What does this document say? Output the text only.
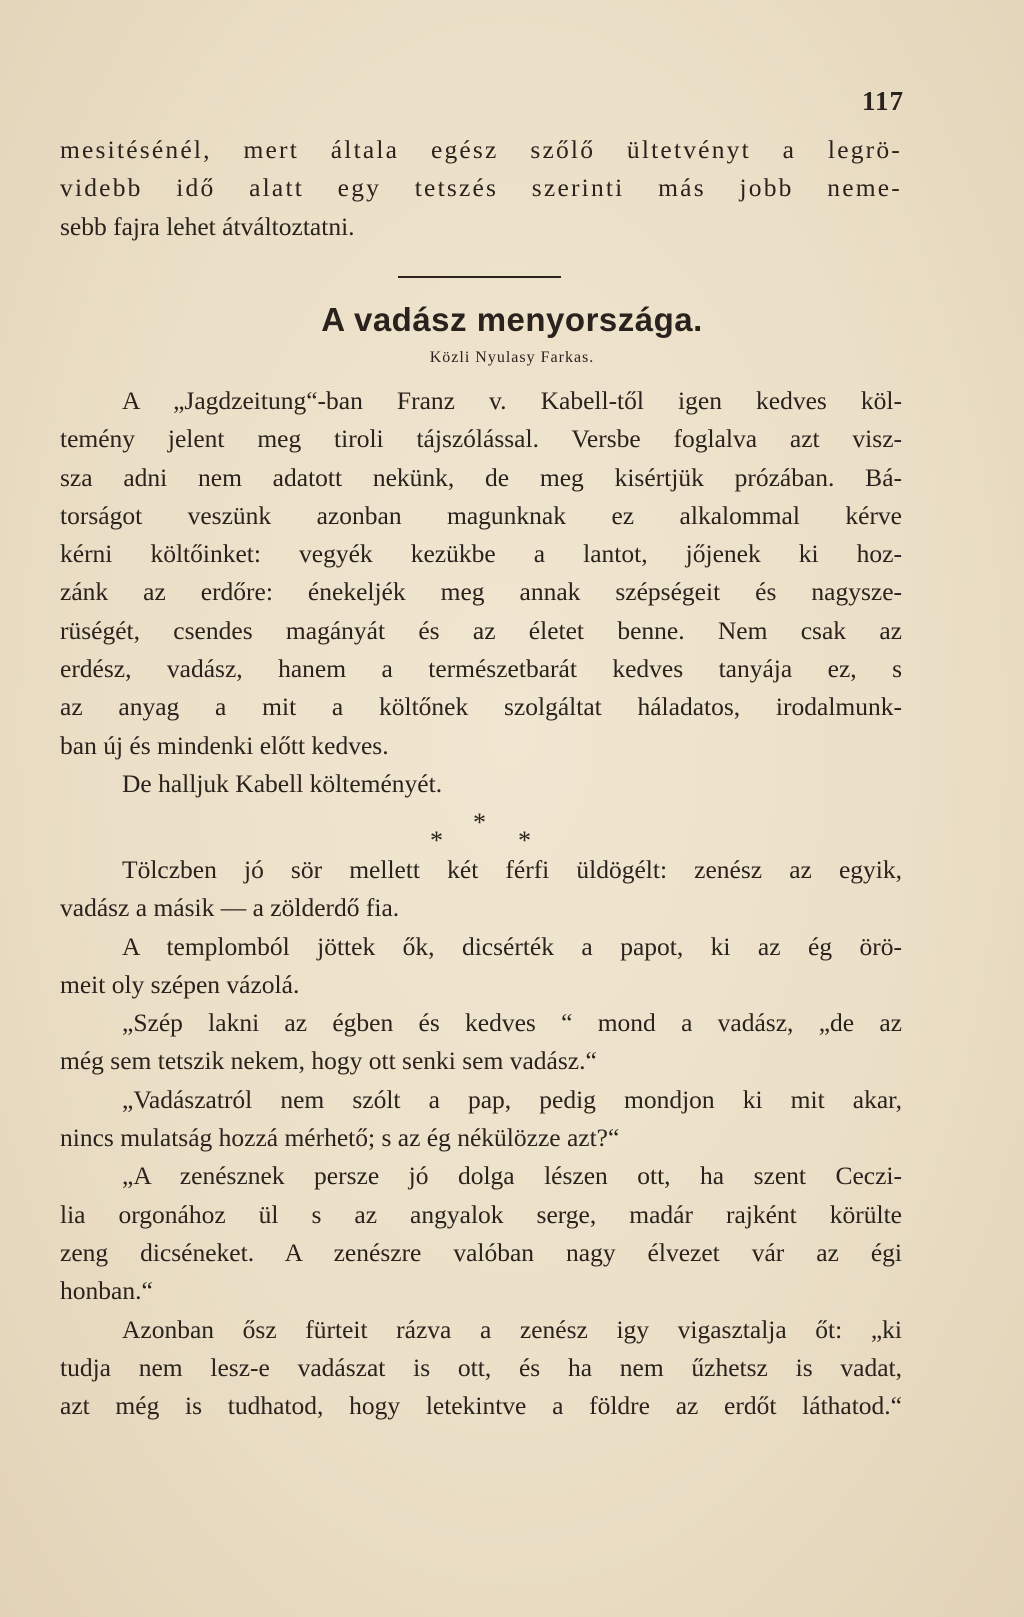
117
mesitésénél, mert általa egész szőlő ültetvényt a legrö-
videbb idő alatt egy tetszés szerinti más jobb neme-
sebb fajra lehet átváltoztatni.
A vadász menyországa.
Közli Nyulasy Farkas.
A „Jagdzeitung“-ban Franz v. Kabell-től igen kedves köl-
temény jelent meg tiroli tájszólással. Versbe foglalva azt visz-
sza adni nem adatott nekünk, de meg kisértjük prózában. Bá-
torságot veszünk azonban magunknak ez alkalommal kérve
kérni költőinket: vegyék kezükbe a lantot, jőjenek ki hoz-
zánk az erdőre: énekeljék meg annak szépségeit és nagysze-
rüségét, csendes magányát és az életet benne. Nem csak az
erdész, vadász, hanem a természetbarát kedves tanyája ez, s
az anyag a mit a költőnek szolgáltat háladatos, irodalmunk-
ban új és mindenki előtt kedves.
De halljuk Kabell költeményét.
*
*	*
Tölczben jó sör mellett két férfi üldögélt: zenész az egyik,
vadász a másik — a zölderdő fia.
A templomból jöttek ők, dicsérték a papot, ki az ég örö-
meit oly szépen vázolá.
„Szép lakni az égben és kedves “ mond a vadász, „de az
még sem tetszik nekem, hogy ott senki sem vadász.“
„Vadászatról nem szólt a pap, pedig mondjon ki mit akar,
nincs mulatság hozzá mérhető; s az ég nékülözze azt?“
„A zenésznek persze jó dolga lészen ott, ha szent Ceczi-
lia orgonához ül s az angyalok serge, madár rajként körülte
zeng dicséneket. A zenészre valóban nagy élvezet vár az égi
honban.“
Azonban ősz fürteit rázva a zenész igy vigasztalja őt: „ki
tudja nem lesz-e vadászat is ott, és ha nem űzhetsz is vadat,
azt még is tudhatod, hogy letekintve a földre az erdőt láthatod.“
